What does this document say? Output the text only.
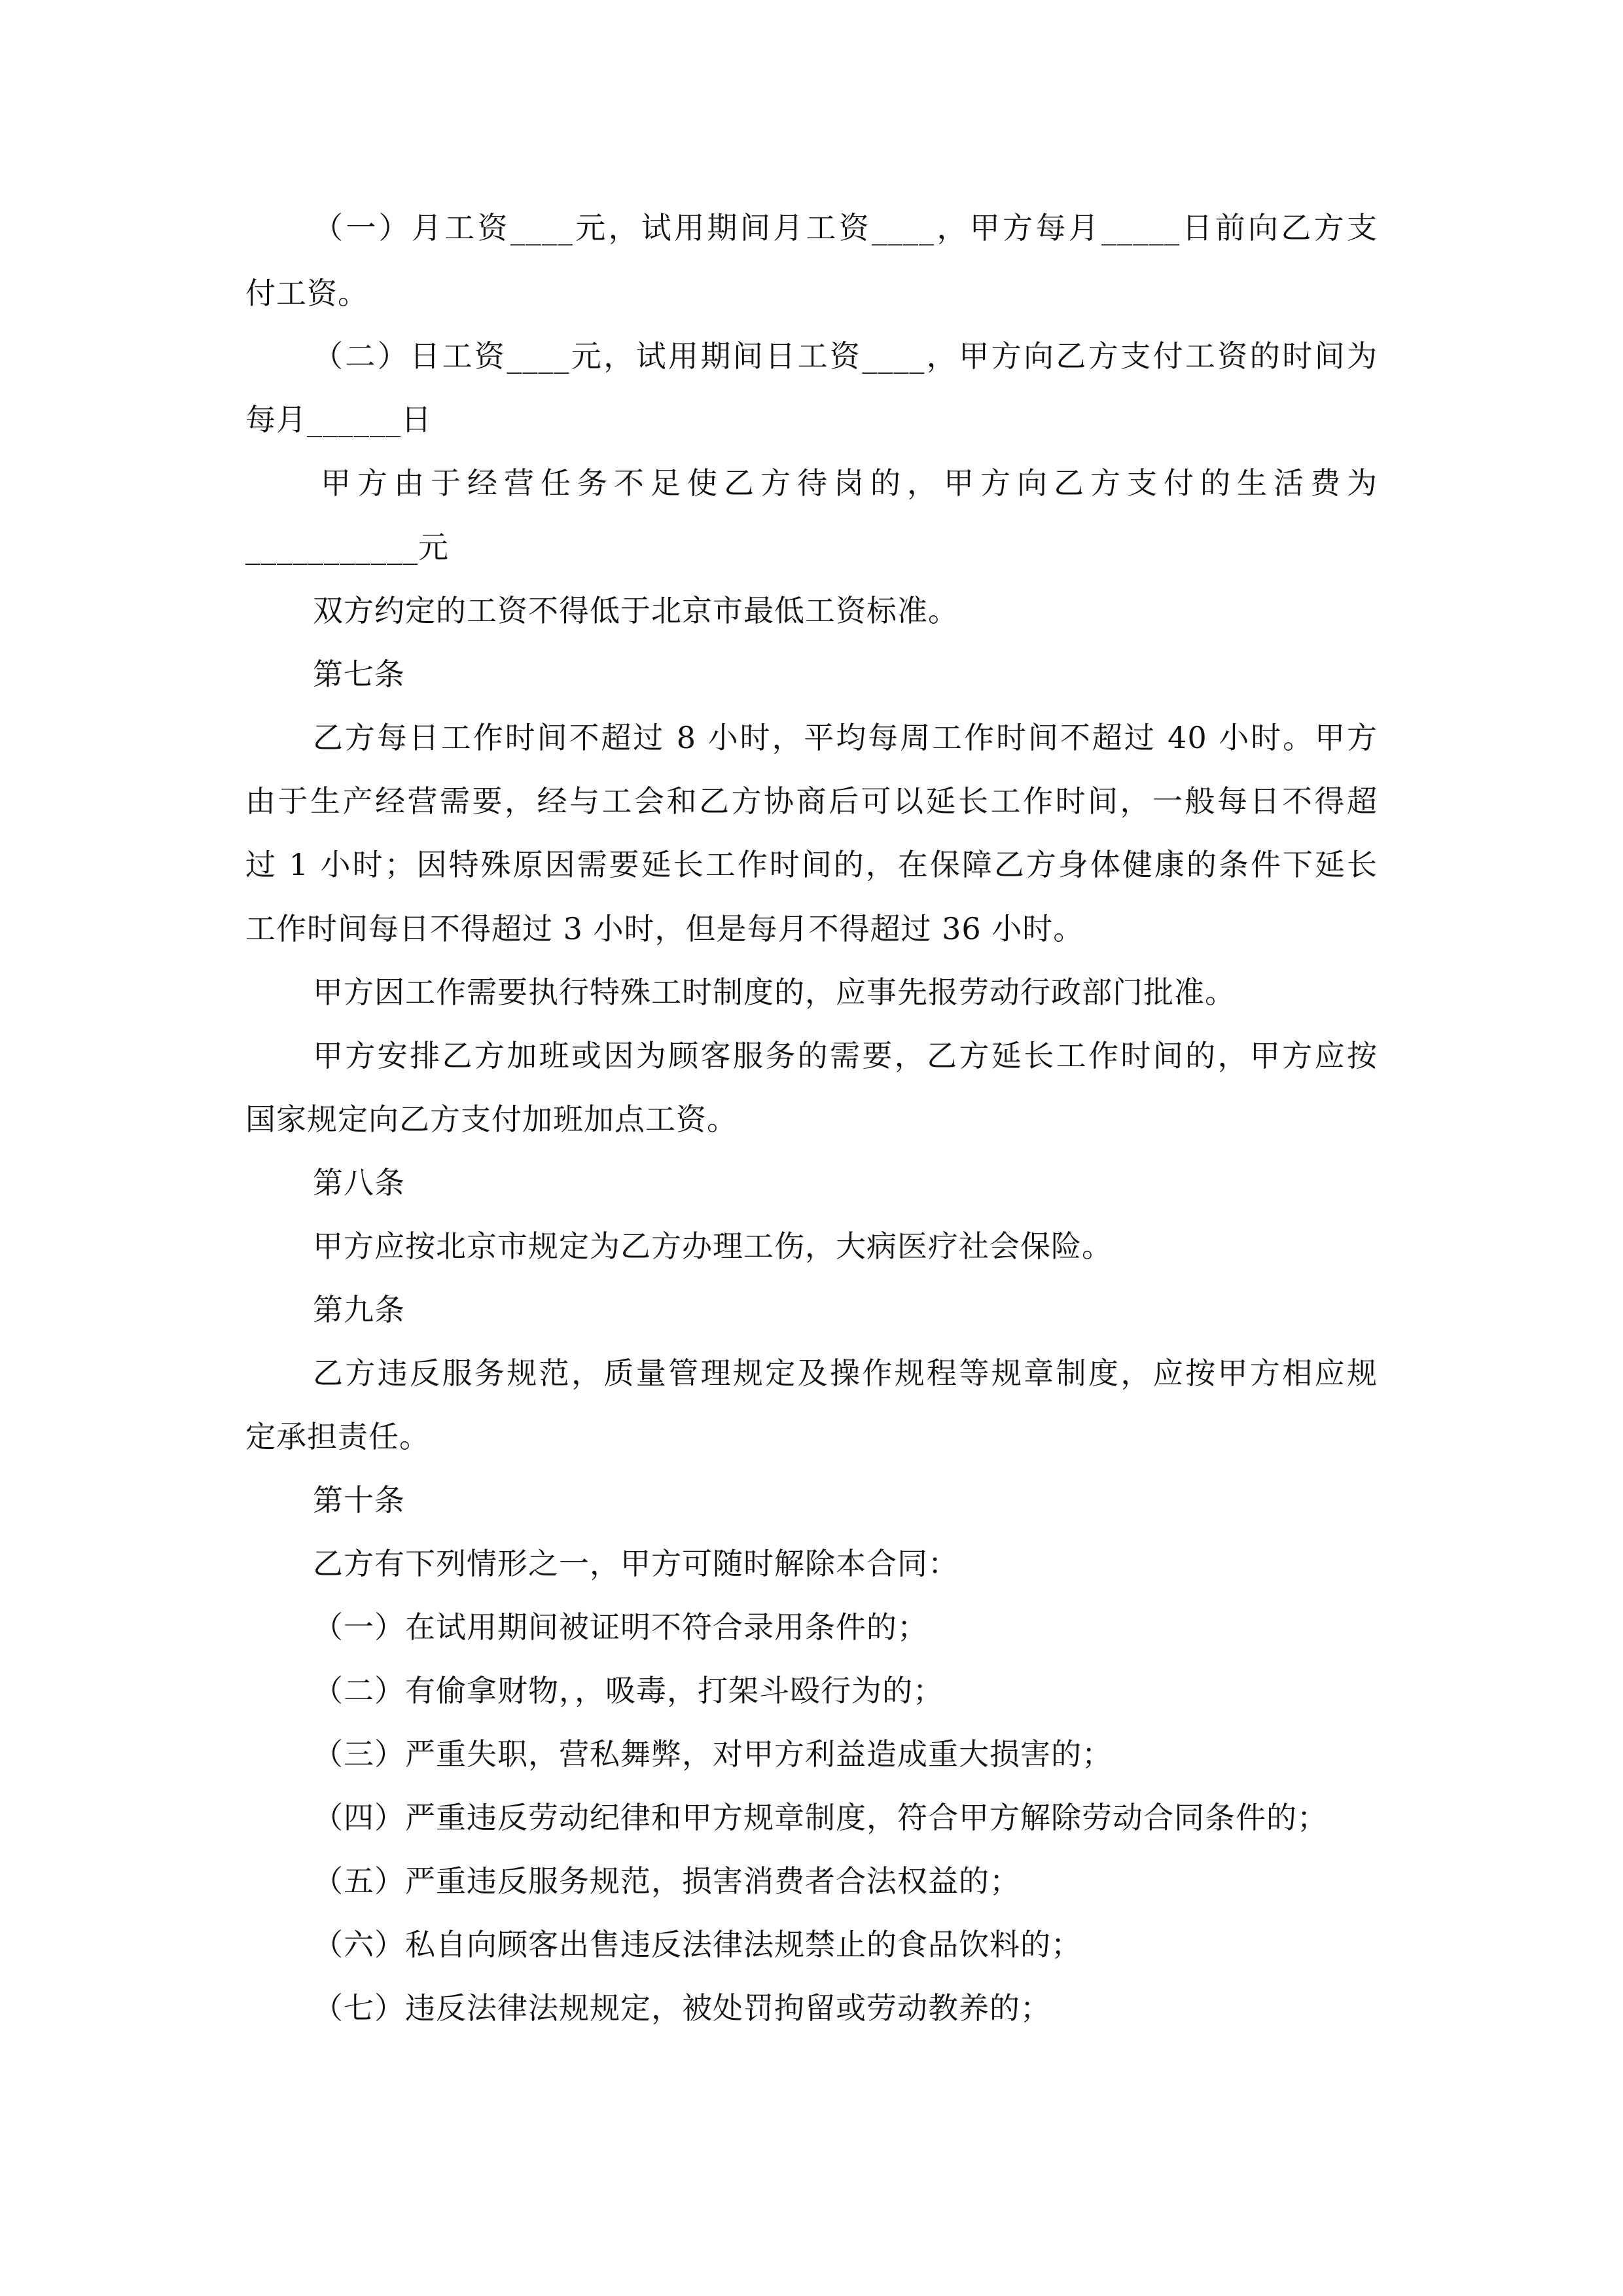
（一）月工资____元，试用期间月工资____，甲方每月_____日前向乙方支
付工资。
（二）日工资____元，试用期间日工资____，甲方向乙方支付工资的时间为
每月______日
甲方由于经营任务不足使乙方待岗的，甲方向乙方支付的生活费为
___________元
双方约定的工资不得低于北京市最低工资标准。
第七条
乙方每日工作时间不超过 8 小时，平均每周工作时间不超过 40 小时。甲方
由于生产经营需要，经与工会和乙方协商后可以延长工作时间，一般每日不得超
过 1 小时；因特殊原因需要延长工作时间的，在保障乙方身体健康的条件下延长
工作时间每日不得超过 3 小时，但是每月不得超过 36 小时。
甲方因工作需要执行特殊工时制度的，应事先报劳动行政部门批准。
甲方安排乙方加班或因为顾客服务的需要，乙方延长工作时间的，甲方应按
国家规定向乙方支付加班加点工资。
第八条
甲方应按北京市规定为乙方办理工伤，大病医疗社会保险。
第九条
乙方违反服务规范，质量管理规定及操作规程等规章制度，应按甲方相应规
定承担责任。
第十条
乙方有下列情形之一，甲方可随时解除本合同：
（一）在试用期间被证明不符合录用条件的；
（二）有偷拿财物，，吸毒，打架斗殴行为的；
（三）严重失职，营私舞弊，对甲方利益造成重大损害的；
（四）严重违反劳动纪律和甲方规章制度，符合甲方解除劳动合同条件的；
（五）严重违反服务规范，损害消费者合法权益的；
（六）私自向顾客出售违反法律法规禁止的食品饮料的；
（七）违反法律法规规定，被处罚拘留或劳动教养的；
